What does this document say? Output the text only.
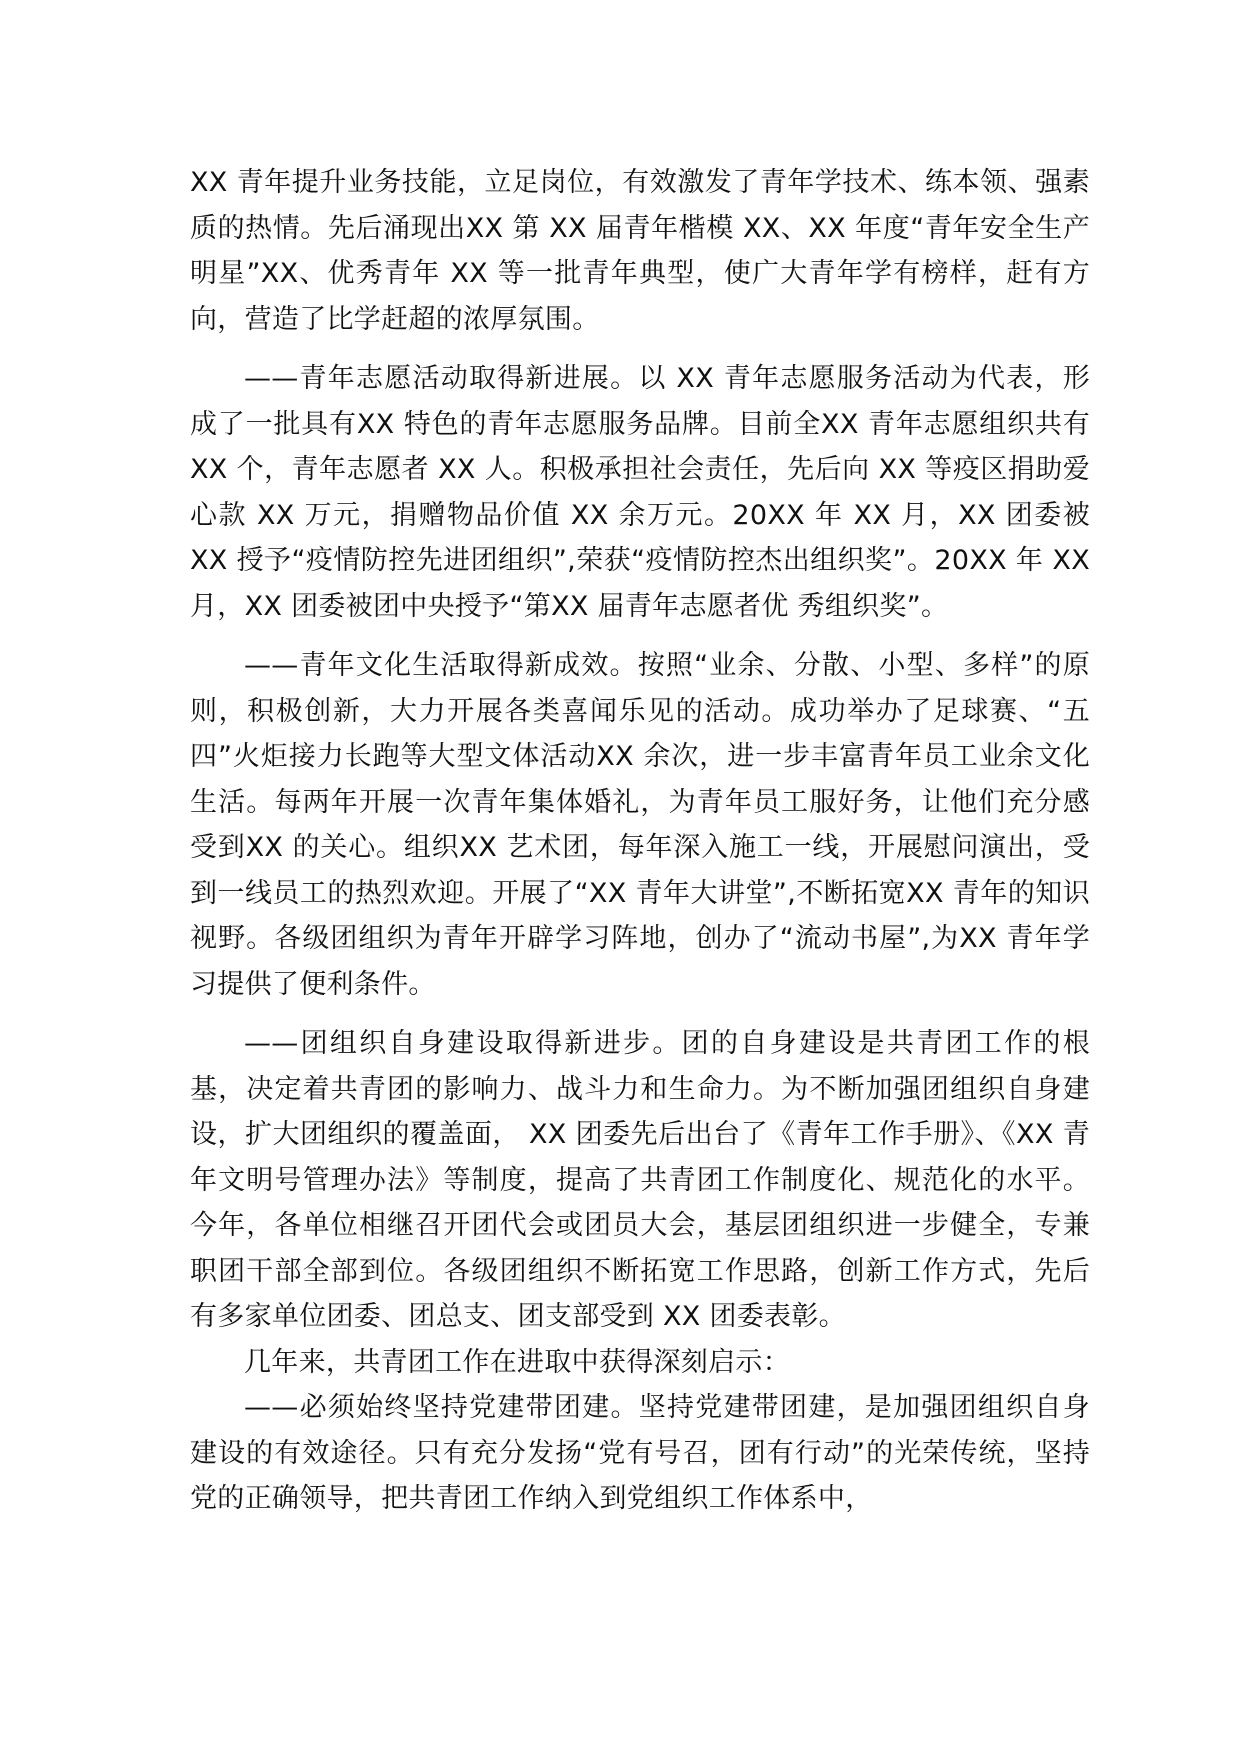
XX 青年提升业务技能，立足岗位，有效激发了青年学技术、练本领、强素质的热情。先后涌现出XX 第 XX 届青年楷模 XX、XX 年度“青年安全生产明星”XX、优秀青年 XX 等一批青年典型，使广大青年学有榜样，赶有方向，营造了比学赶超的浓厚氛围。

——青年志愿活动取得新进展。以 XX 青年志愿服务活动为代表，形成了一批具有XX 特色的青年志愿服务品牌。目前全XX 青年志愿组织共有XX 个，青年志愿者 XX 人。积极承担社会责任，先后向 XX 等疫区捐助爱心款 XX 万元，捐赠物品价值 XX 余万元。20XX 年 XX 月，XX 团委被 XX 授予“疫情防控先进团组织”,荣获“疫情防控杰出组织奖”。20XX 年 XX 月，XX 团委被团中央授予“第XX 届青年志愿者优 秀组织奖”。

——青年文化生活取得新成效。按照“业余、分散、小型、多样”的原则，积极创新，大力开展各类喜闻乐见的活动。成功举办了足球赛、“五四”火炬接力长跑等大型文体活动XX 余次，进一步丰富青年员工业余文化生活。每两年开展一次青年集体婚礼，为青年员工服好务，让他们充分感受到XX 的关心。组织XX 艺术团，每年深入施工一线，开展慰问演出，受到一线员工的热烈欢迎。开展了“XX 青年大讲堂”,不断拓宽XX 青年的知识视野。各级团组织为青年开辟学习阵地，创办了“流动书屋”,为XX 青年学习提供了便利条件。

——团组织自身建设取得新进步。团的自身建设是共青团工作的根基，决定着共青团的影响力、战斗力和生命力。为不断加强团组织自身建设，扩大团组织的覆盖面， XX 团委先后出台了《青年工作手册》、《XX 青年文明号管理办法》等制度，提高了共青团工作制度化、规范化的水平。今年，各单位相继召开团代会或团员大会，基层团组织进一步健全，专兼职团干部全部到位。各级团组织不断拓宽工作思路，创新工作方式，先后有多家单位团委、团总支、团支部受到 XX 团委表彰。

几年来，共青团工作在进取中获得深刻启示：

——必须始终坚持党建带团建。坚持党建带团建，是加强团组织自身建设的有效途径。只有充分发扬“党有号召，团有行动”的光荣传统，坚持党的正确领导，把共青团工作纳入到党组织工作体系中，
